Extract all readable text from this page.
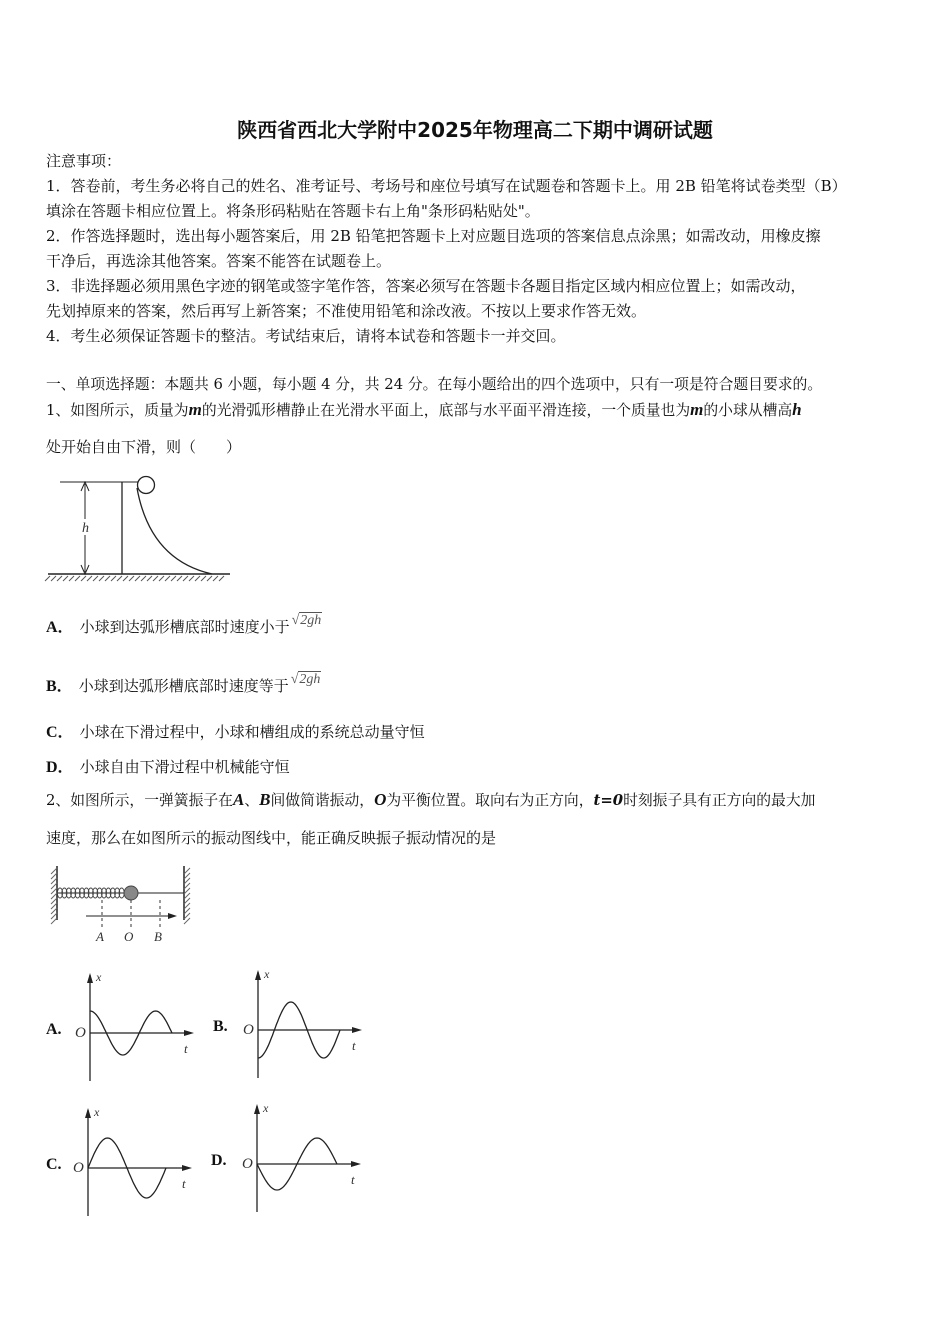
陕西省西北大学附中2025年物理高二下期中调研试题
注意事项：
1．答卷前，考生务必将自己的姓名、准考证号、考场号和座位号填写在试题卷和答题卡上。用 2B 铅笔将试卷类型（B）
填涂在答题卡相应位置上。将条形码粘贴在答题卡右上角"条形码粘贴处"。
2．作答选择题时，选出每小题答案后，用 2B 铅笔把答题卡上对应题目选项的答案信息点涂黑；如需改动，用橡皮擦
干净后，再选涂其他答案。答案不能答在试题卷上。
3．非选择题必须用黑色字迹的钢笔或签字笔作答，答案必须写在答题卡各题目指定区域内相应位置上；如需改动，
先划掉原来的答案，然后再写上新答案；不准使用铅笔和涂改液。不按以上要求作答无效。
4．考生必须保证答题卡的整洁。考试结束后，请将本试卷和答题卡一并交回。
一、单项选择题：本题共 6 小题，每小题 4 分，共 24 分。在每小题给出的四个选项中，只有一项是符合题目要求的。
1、如图所示，质量为m的光滑弧形槽静止在光滑水平面上，底部与水平面平滑连接，一个质量也为m的小球从槽高h
处开始自由下滑，则（　　）
h
A． 小球到达弧形槽底部时速度小于 √2gh
B． 小球到达弧形槽底部时速度等于 √2gh
C． 小球在下滑过程中，小球和槽组成的系统总动量守恒
D． 小球自由下滑过程中机械能守恒
2、如图所示，一弹簧振子在A、B间做简谐振动，O为平衡位置。取向右为正方向，t=0时刻振子具有正方向的最大加
速度，那么在如图所示的振动图线中，能正确反映振子振动情况的是
A O B
A.	B.
C.	D.
x
t
O
x
t
O
x
t
O
x
t
O
